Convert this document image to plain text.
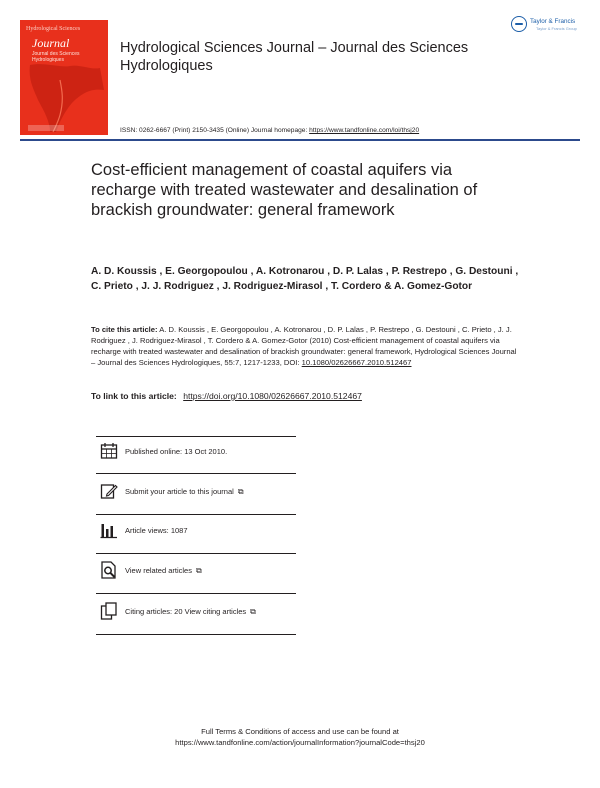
Hydrological Sciences
Journal
Journal des Sciences Hydrologiques
Hydrological Sciences Journal – Journal des Sciences Hydrologiques
ISSN: 0262-6667 (Print) 2150-3435 (Online) Journal homepage: https://www.tandfonline.com/loi/thsj20
Taylor & Francis
Taylor & Francis Group
Cost-efficient management of coastal aquifers via recharge with treated wastewater and desalination of brackish groundwater: general framework
A. D. Koussis , E. Georgopoulou , A. Kotronarou , D. P. Lalas , P. Restrepo , G. Destouni , C. Prieto , J. J. Rodriguez , J. Rodriguez-Mirasol , T. Cordero & A. Gomez-Gotor
To cite this article: A. D. Koussis , E. Georgopoulou , A. Kotronarou , D. P. Lalas , P. Restrepo , G. Destouni , C. Prieto , J. J. Rodriguez , J. Rodriguez-Mirasol , T. Cordero & A. Gomez-Gotor (2010) Cost-efficient management of coastal aquifers via recharge with treated wastewater and desalination of brackish groundwater: general framework, Hydrological Sciences Journal – Journal des Sciences Hydrologiques, 55:7, 1217-1233, DOI: 10.1080/02626667.2010.512467
To link to this article: https://doi.org/10.1080/02626667.2010.512467
Published online: 13 Oct 2010.
Submit your article to this journal ⧉
Article views: 1087
View related articles ⧉
Citing articles: 20 View citing articles ⧉
Full Terms & Conditions of access and use can be found at
https://www.tandfonline.com/action/journalInformation?journalCode=thsj20
